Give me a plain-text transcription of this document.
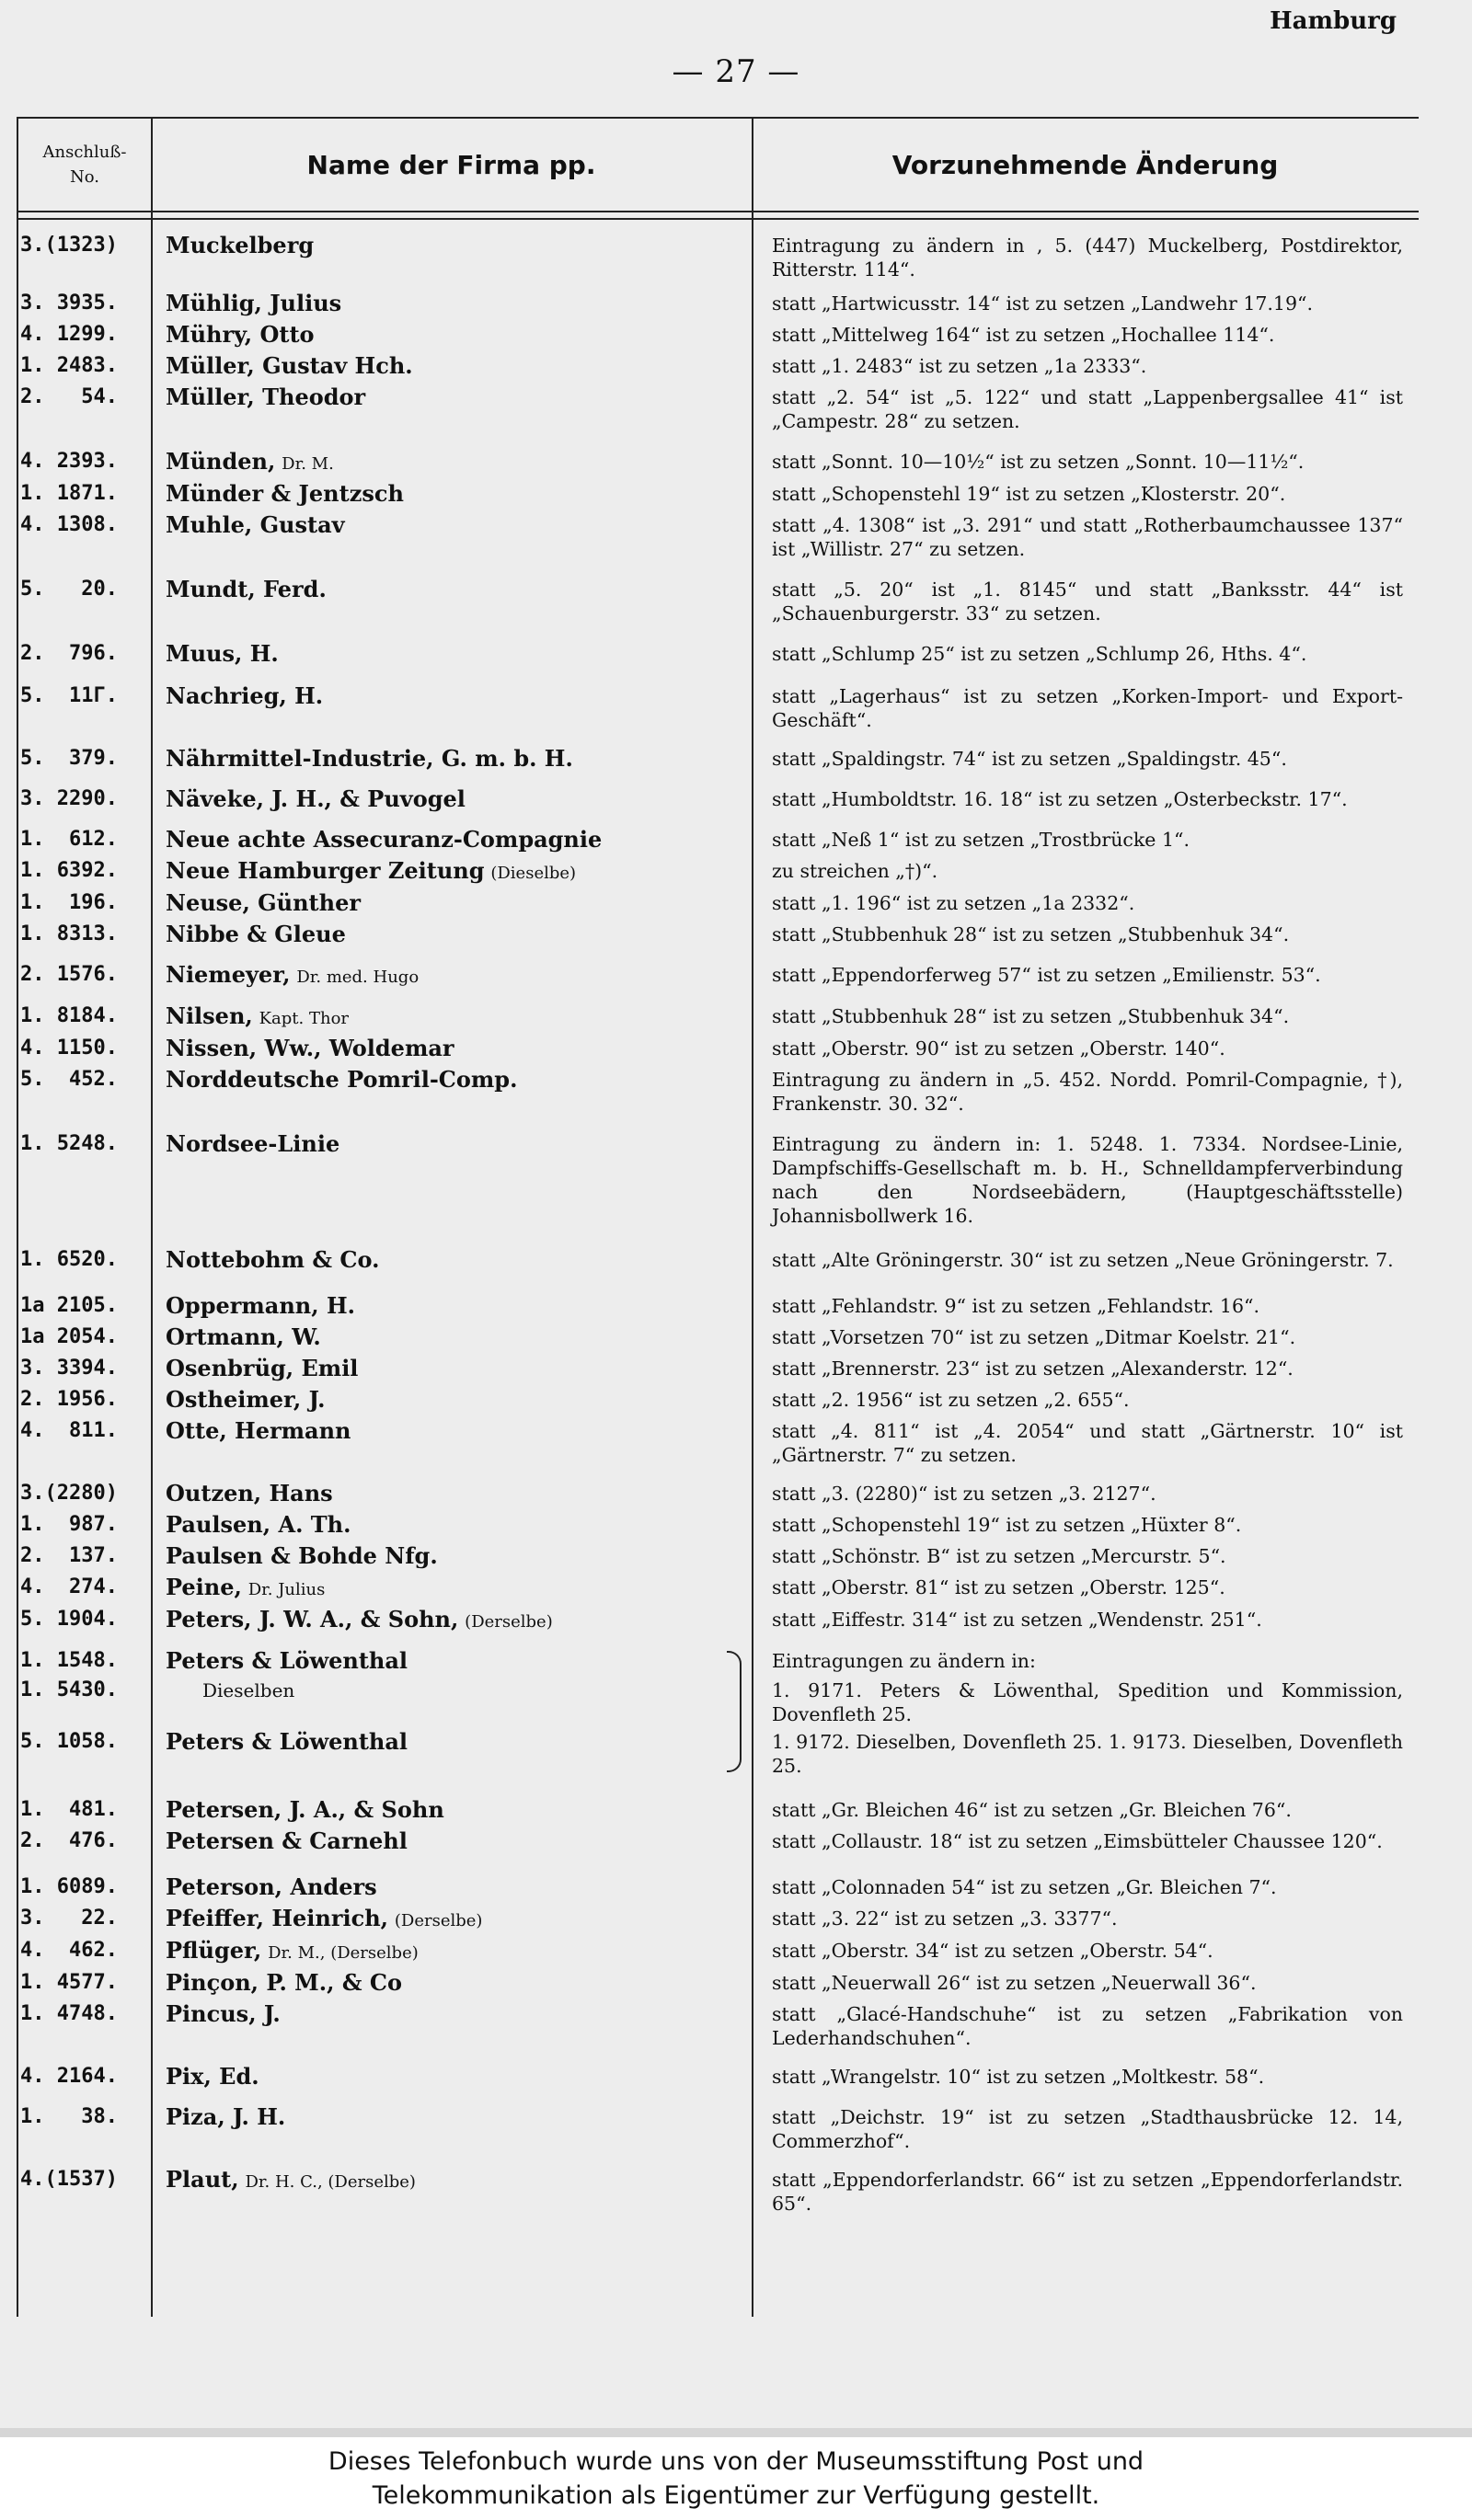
Hamburg
— 27 —
Anschluß-
No.	Name der Firma pp.	Vorzunehmende Änderung
3.(1323)	Muckelberg	Eintragung zu ändern in , 5. (447) Muckelberg, Postdirektor, Ritterstr. 114“.
3. 3935.	Mühlig, Julius	statt „Hartwicusstr. 14“ ist zu setzen „Landwehr 17.19“.
4. 1299.	Mühry, Otto	statt „Mittelweg 164“ ist zu setzen „Hochallee 114“.
1. 2483.	Müller, Gustav Hch.	statt „1. 2483“ ist zu setzen „1a 2333“.
2.   54.	Müller, Theodor	statt „2. 54“ ist „5. 122“ und statt „Lappenbergsallee 41“ ist „Campestr. 28“ zu setzen.
4. 2393.	Münden, Dr. M.	statt „Sonnt. 10—10½“ ist zu setzen „Sonnt. 10—11½“.
1. 1871.	Münder & Jentzsch	statt „Schopenstehl 19“ ist zu setzen „Klosterstr. 20“.
4. 1308.	Muhle, Gustav	statt „4. 1308“ ist „3. 291“ und statt „Rotherbaumchaussee 137“ ist „Willistr. 27“ zu setzen.
5.   20.	Mundt, Ferd.	statt „5. 20“ ist „1. 8145“ und statt „Banksstr. 44“ ist „Schauenburgerstr. 33“ zu setzen.
2.  796.	Muus, H.	statt „Schlump 25“ ist zu setzen „Schlump 26, Hths. 4“.
5.  11Г.	Nachrieg, H.	statt „Lagerhaus“ ist zu setzen „Korken-Import- und Export-Geschäft“.
5.  379.	Nährmittel-Industrie, G. m. b. H.	statt „Spaldingstr. 74“ ist zu setzen „Spaldingstr. 45“.
3. 2290.	Näveke, J. H., & Puvogel	statt „Humboldtstr. 16. 18“ ist zu setzen „Osterbeckstr. 17“.
1.  612.	Neue achte Assecuranz-Compagnie	statt „Neß 1“ ist zu setzen „Trostbrücke 1“.
1. 6392.	Neue Hamburger Zeitung (Dieselbe)	zu streichen „†)“.
1.  196.	Neuse, Günther	statt „1. 196“ ist zu setzen „1a 2332“.
1. 8313.	Nibbe & Gleue	statt „Stubbenhuk 28“ ist zu setzen „Stubbenhuk 34“.
2. 1576.	Niemeyer, Dr. med. Hugo	statt „Eppendorferweg 57“ ist zu setzen „Emilienstr. 53“.
1. 8184.	Nilsen, Kapt. Thor	statt „Stubbenhuk 28“ ist zu setzen „Stubbenhuk 34“.
4. 1150.	Nissen, Ww., Woldemar	statt „Oberstr. 90“ ist zu setzen „Oberstr. 140“.
5.  452.	Norddeutsche Pomril-Comp.	Eintragung zu ändern in „5. 452. Nordd. Pomril-Compagnie, †), Frankenstr. 30. 32“.
1. 5248.	Nordsee-Linie	Eintragung zu ändern in: 1. 5248. 1. 7334. Nordsee-Linie, Dampfschiffs-Gesellschaft m. b. H., Schnelldampferverbindung nach den Nordseebädern, (Hauptgeschäftsstelle) Johannisbollwerk 16.
1. 6520.	Nottebohm & Co.	statt „Alte Gröningerstr. 30“ ist zu setzen „Neue Gröningerstr. 7.
1a 2105.	Oppermann, H.	statt „Fehlandstr. 9“ ist zu setzen „Fehlandstr. 16“.
1a 2054.	Ortmann, W.	statt „Vorsetzen 70“ ist zu setzen „Ditmar Koelstr. 21“.
3. 3394.	Osenbrüg, Emil	statt „Brennerstr. 23“ ist zu setzen „Alexanderstr. 12“.
2. 1956.	Ostheimer, J.	statt „2. 1956“ ist zu setzen „2. 655“.
4.  811.	Otte, Hermann	statt „4. 811“ ist „4. 2054“ und statt „Gärtnerstr. 10“ ist „Gärtnerstr. 7“ zu setzen.
3.(2280)	Outzen, Hans	statt „3. (2280)“ ist zu setzen „3. 2127“.
1.  987.	Paulsen, A. Th.	statt „Schopenstehl 19“ ist zu setzen „Hüxter 8“.
2.  137.	Paulsen & Bohde Nfg.	statt „Schönstr. B“ ist zu setzen „Mercurstr. 5“.
4.  274.	Peine, Dr. Julius	statt „Oberstr. 81“ ist zu setzen „Oberstr. 125“.
5. 1904.	Peters, J. W. A., & Sohn, (Derselbe)	statt „Eiffestr. 314“ ist zu setzen „Wendenstr. 251“.
1. 1548.	Peters & Löwenthal	Eintragungen zu ändern in:
1. 5430.	Dieselben	1. 9171. Peters & Löwenthal, Spedition und Kommission, Dovenfleth 25.
5. 1058.	Peters & Löwenthal	1. 9172. Dieselben, Dovenfleth 25. 1. 9173. Dieselben, Dovenfleth 25.
1.  481.	Petersen, J. A., & Sohn	statt „Gr. Bleichen 46“ ist zu setzen „Gr. Bleichen 76“.
2.  476.	Petersen & Carnehl	statt „Collaustr. 18“ ist zu setzen „Eimsbütteler Chaussee 120“.
1. 6089.	Peterson, Anders	statt „Colonnaden 54“ ist zu setzen „Gr. Bleichen 7“.
3.   22.	Pfeiffer, Heinrich, (Derselbe)	statt „3. 22“ ist zu setzen „3. 3377“.
4.  462.	Pflüger, Dr. M., (Derselbe)	statt „Oberstr. 34“ ist zu setzen „Oberstr. 54“.
1. 4577.	Pinçon, P. M., & Co	statt „Neuerwall 26“ ist zu setzen „Neuerwall 36“.
1. 4748.	Pincus, J.	statt „Glacé-Handschuhe“ ist zu setzen „Fabrikation von Lederhandschuhen“.
4. 2164.	Pix, Ed.	statt „Wrangelstr. 10“ ist zu setzen „Moltkestr. 58“.
1.   38.	Piza, J. H.	statt „Deichstr. 19“ ist zu setzen „Stadthausbrücke 12. 14, Commerzhof“.
4.(1537)	Plaut, Dr. H. C., (Derselbe)	statt „Eppendorferlandstr. 66“ ist zu setzen „Eppendorferlandstr. 65“.
Dieses Telefonbuch wurde uns von der Museumsstiftung Post und
Telekommunikation als Eigentümer zur Verfügung gestellt.
